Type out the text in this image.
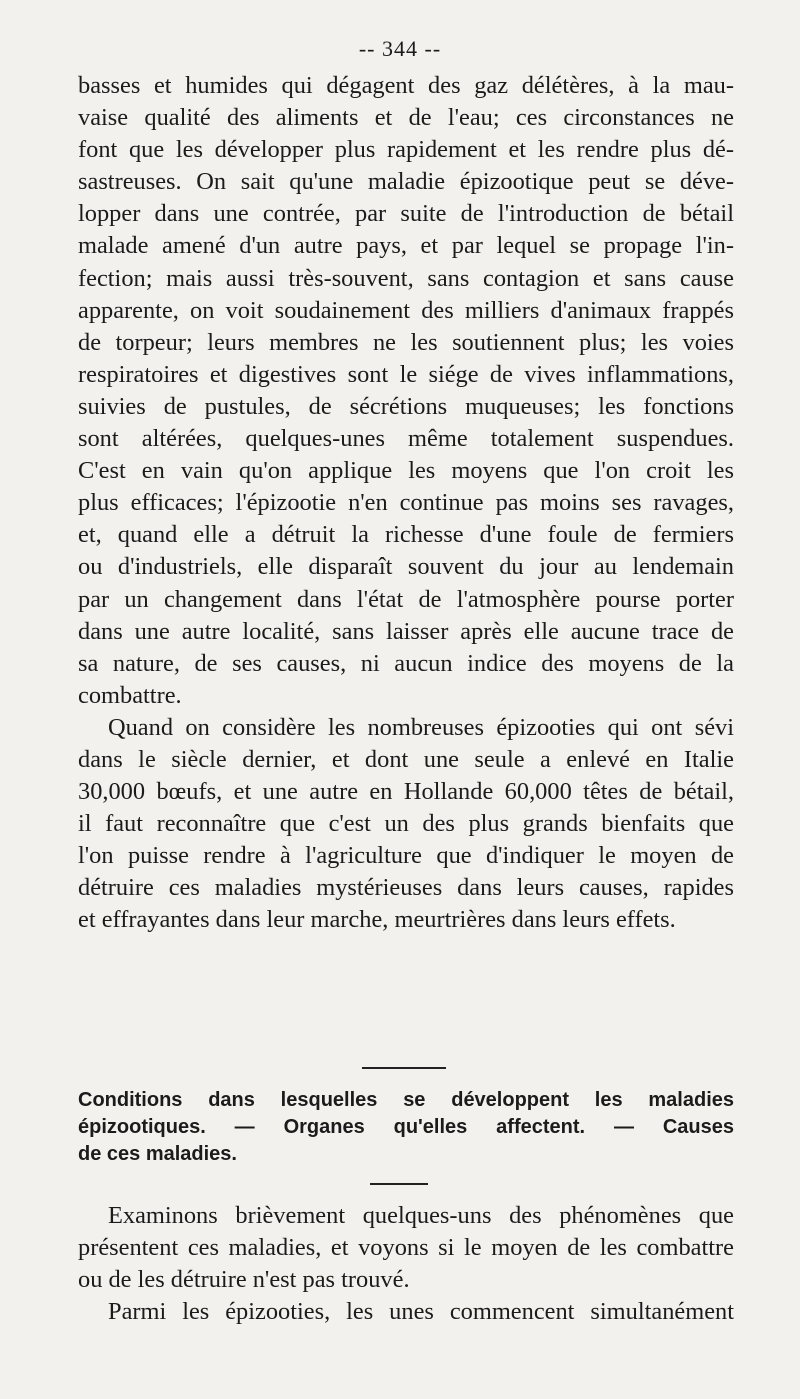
-- 344 --
basses et humides qui dégagent des gaz délétères, à la mau-
vaise qualité des aliments et de l'eau; ces circonstances ne
font que les développer plus rapidement et les rendre plus dé-
sastreuses. On sait qu'une maladie épizootique peut se déve-
lopper dans une contrée, par suite de l'introduction de bétail
malade amené d'un autre pays, et par lequel se propage l'in-
fection; mais aussi très-souvent, sans contagion et sans cause
apparente, on voit soudainement des milliers d'animaux frappés
de torpeur; leurs membres ne les soutiennent plus; les voies
respiratoires et digestives sont le siége de vives inflammations,
suivies de pustules, de sécrétions muqueuses; les fonctions
sont altérées, quelques-unes même totalement suspendues.
C'est en vain qu'on applique les moyens que l'on croit les
plus efficaces; l'épizootie n'en continue pas moins ses ravages,
et, quand elle a détruit la richesse d'une foule de fermiers
ou d'industriels, elle disparaît souvent du jour au lendemain
par un changement dans l'état de l'atmosphère pourse porter
dans une autre localité, sans laisser après elle aucune trace de
sa nature, de ses causes, ni aucun indice des moyens de la
combattre.
Quand on considère les nombreuses épizooties qui ont sévi
dans le siècle dernier, et dont une seule a enlevé en Italie
30,000 bœufs, et une autre en Hollande 60,000 têtes de bétail,
il faut reconnaître que c'est un des plus grands bienfaits que
l'on puisse rendre à l'agriculture que d'indiquer le moyen de
détruire ces maladies mystérieuses dans leurs causes, rapides
et effrayantes dans leur marche, meurtrières dans leurs effets.
Conditions dans lesquelles se développent les maladies
épizootiques. — Organes qu'elles affectent. — Causes
de ces maladies.
Examinons brièvement quelques-uns des phénomènes que
présentent ces maladies, et voyons si le moyen de les combattre
ou de les détruire n'est pas trouvé.
Parmi les épizooties, les unes commencent simultanément
